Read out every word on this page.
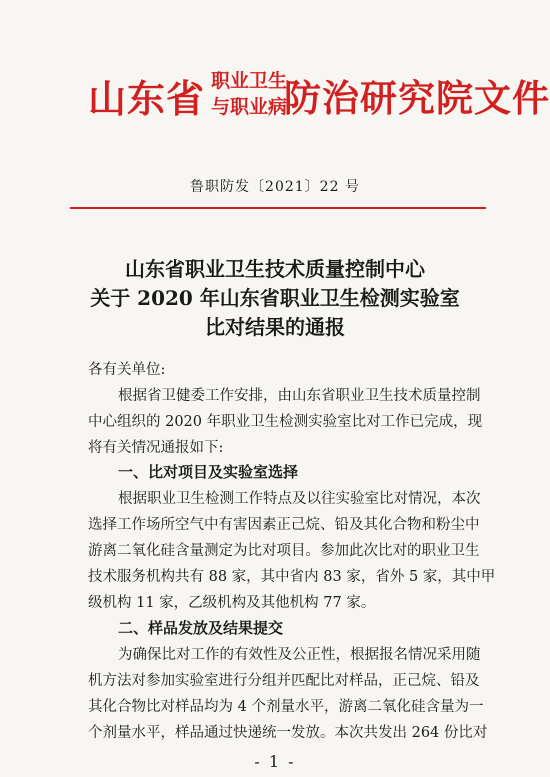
山东省 职业卫生
与职业病
防治研究院文件
鲁职防发〔2021〕22 号
山东省职业卫生技术质量控制中心
关于 2020 年山东省职业卫生检测实验室
比对结果的通报
各有关单位:
根据省卫健委工作安排，由山东省职业卫生技术质量控制
中心组织的 2020 年职业卫生检测实验室比对工作已完成，现
将有关情况通报如下:
一、比对项目及实验室选择
根据职业卫生检测工作特点及以往实验室比对情况，本次
选择工作场所空气中有害因素正己烷、铅及其化合物和粉尘中
游离二氧化硅含量测定为比对项目。参加此次比对的职业卫生
技术服务机构共有 88 家，其中省内 83 家，省外 5 家，其中甲
级机构 11 家，乙级机构及其他机构 77 家。
二、样品发放及结果提交
为确保比对工作的有效性及公正性，根据报名情况采用随
机方法对参加实验室进行分组并匹配比对样品，正己烷、铅及
其化合物比对样品均为 4 个剂量水平，游离二氧化硅含量为一
个剂量水平，样品通过快递统一发放。本次共发出 264 份比对
- 1 -
